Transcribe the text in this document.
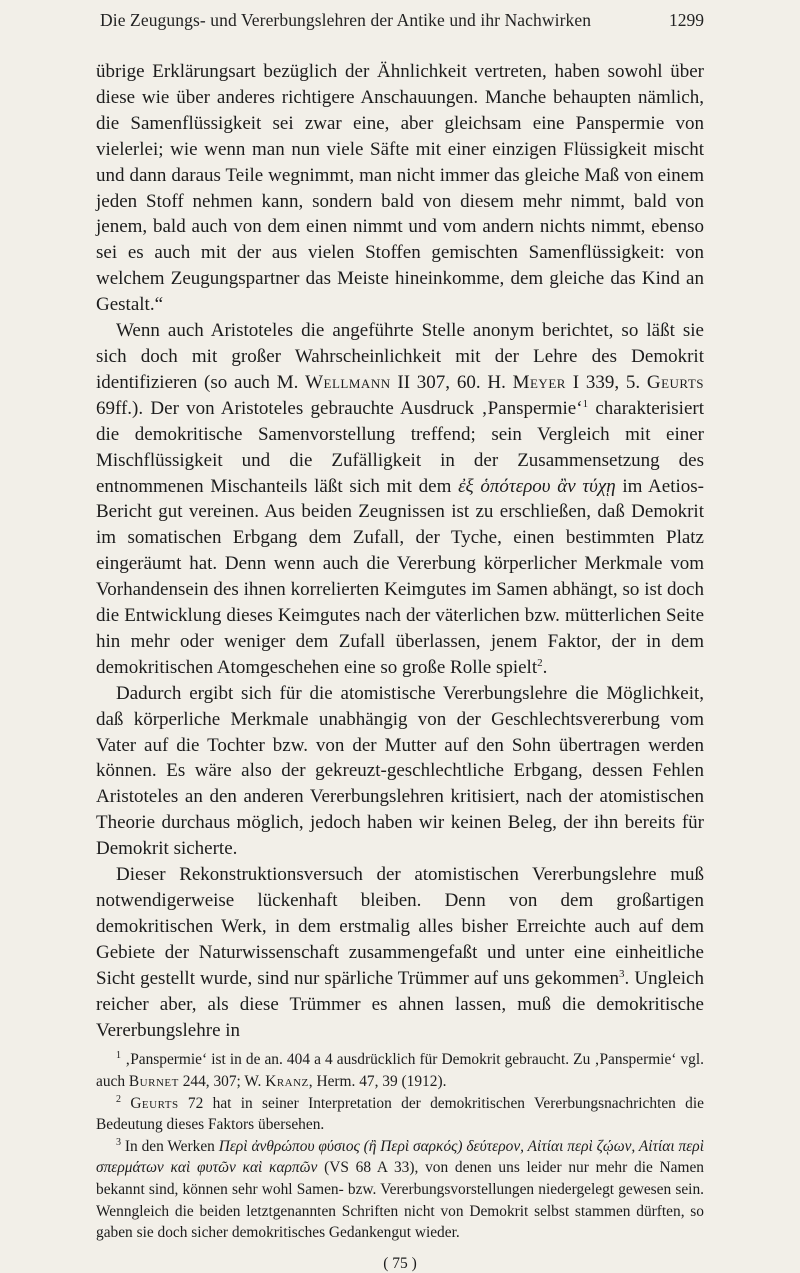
Die Zeugungs- und Vererbungslehren der Antike und ihr Nachwirken	1299

übrige Erklärungsart bezüglich der Ähnlichkeit vertreten, haben sowohl über diese wie über anderes richtigere Anschauungen. Manche behaupten nämlich, die Samenflüssigkeit sei zwar eine, aber gleichsam eine Panspermie von vielerlei; wie wenn man nun viele Säfte mit einer einzigen Flüssigkeit mischt und dann daraus Teile wegnimmt, man nicht immer das gleiche Maß von einem jeden Stoff nehmen kann, sondern bald von diesem mehr nimmt, bald von jenem, bald auch von dem einen nimmt und vom andern nichts nimmt, ebenso sei es auch mit der aus vielen Stoffen gemischten Samenflüssigkeit: von welchem Zeugungspartner das Meiste hineinkomme, dem gleiche das Kind an Gestalt.“

Wenn auch Aristoteles die angeführte Stelle anonym berichtet, so läßt sie sich doch mit großer Wahrscheinlichkeit mit der Lehre des Demokrit identifizieren (so auch M. Wellmann II 307, 60. H. Meyer I 339, 5. Geurts 69ff.). Der von Aristoteles gebrauchte Ausdruck ‚Panspermie‘$^1$ charakterisiert die demokritische Samenvorstellung treffend; sein Vergleich mit einer Mischflüssigkeit und die Zufälligkeit in der Zusammensetzung des entnommenen Mischanteils läßt sich mit dem ἐξ ὁπότερου ἂν τύχῃ im Aetios-Bericht gut vereinen. Aus beiden Zeugnissen ist zu erschließen, daß Demokrit im somatischen Erbgang dem Zufall, der Tyche, einen bestimmten Platz eingeräumt hat. Denn wenn auch die Vererbung körperlicher Merkmale vom Vorhandensein des ihnen korrelierten Keimgutes im Samen abhängt, so ist doch die Entwicklung dieses Keimgutes nach der väterlichen bzw. mütterlichen Seite hin mehr oder weniger dem Zufall überlassen, jenem Faktor, der in dem demokritischen Atomgeschehen eine so große Rolle spielt$^2$.

Dadurch ergibt sich für die atomistische Vererbungslehre die Möglichkeit, daß körperliche Merkmale unabhängig von der Geschlechtsvererbung vom Vater auf die Tochter bzw. von der Mutter auf den Sohn übertragen werden können. Es wäre also der gekreuzt-geschlechtliche Erbgang, dessen Fehlen Aristoteles an den anderen Vererbungslehren kritisiert, nach der atomistischen Theorie durchaus möglich, jedoch haben wir keinen Beleg, der ihn bereits für Demokrit sicherte.

Dieser Rekonstruktionsversuch der atomistischen Vererbungslehre muß notwendigerweise lückenhaft bleiben. Denn von dem großartigen demokritischen Werk, in dem erstmalig alles bisher Erreichte auch auf dem Gebiete der Naturwissenschaft zusammengefaßt und unter eine einheitliche Sicht gestellt wurde, sind nur spärliche Trümmer auf uns gekommen$^3$. Ungleich reicher aber, als diese Trümmer es ahnen lassen, muß die demokritische Vererbungslehre in

$^1$ ‚Panspermie‘ ist in de an. 404 a 4 ausdrücklich für Demokrit gebraucht. Zu ‚Panspermie‘ vgl. auch Burnet 244, 307; W. Kranz, Herm. 47, 39 (1912).

$^2$ Geurts 72 hat in seiner Interpretation der demokritischen Vererbungsnachrichten die Bedeutung dieses Faktors übersehen.

$^3$ In den Werken Περὶ ἀνθρώπου φύσιος (ἢ Περὶ σαρκός) δεύτερον, Αἰτίαι περὶ ζῴων, Αἰτίαι περὶ σπερμάτων καὶ φυτῶν καὶ καρπῶν (VS 68 A 33), von denen uns leider nur mehr die Namen bekannt sind, können sehr wohl Samen- bzw. Vererbungsvorstellungen niedergelegt gewesen sein. Wenngleich die beiden letztgenannten Schriften nicht von Demokrit selbst stammen dürften, so gaben sie doch sicher demokritisches Gedankengut wieder.

( 75 )
